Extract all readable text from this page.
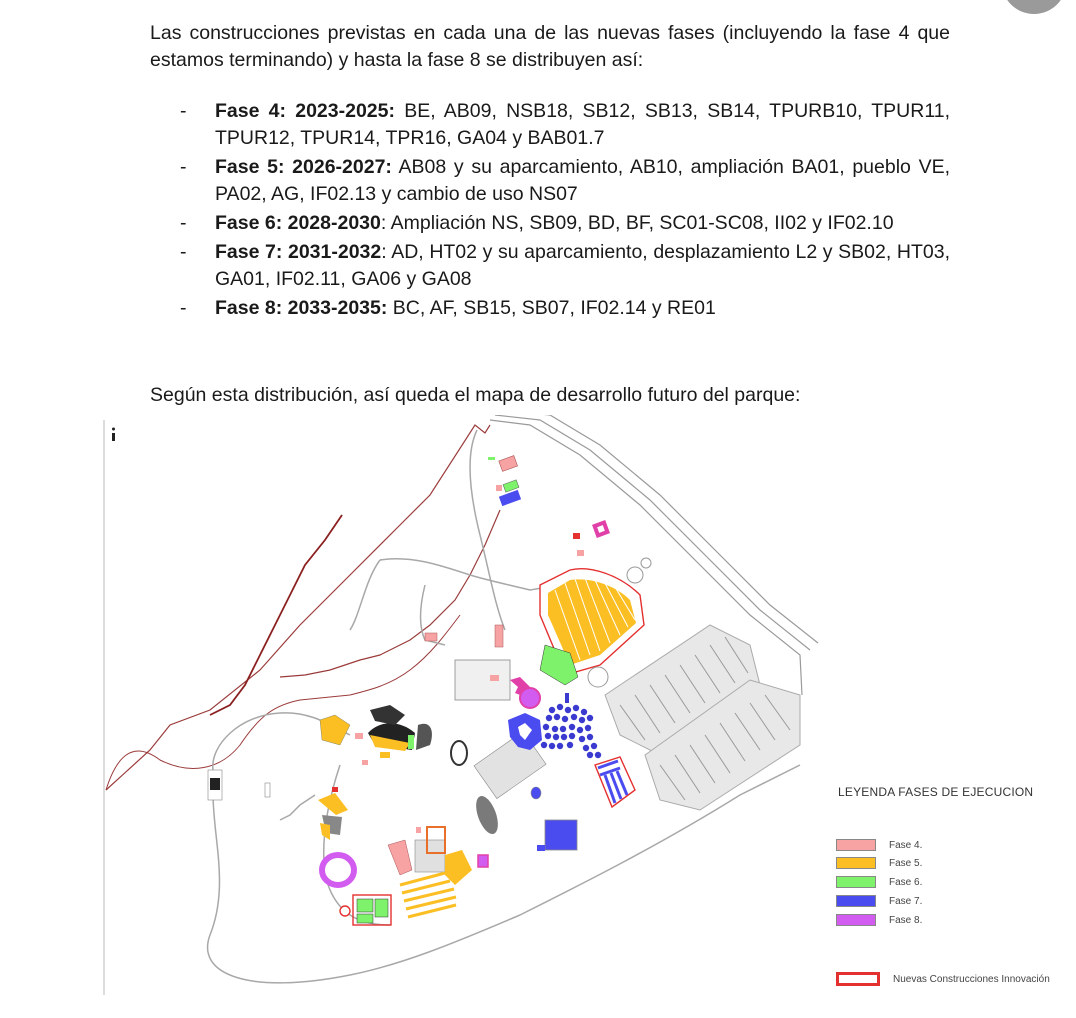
Las construcciones previstas en cada una de las nuevas fases (incluyendo la fase 4 que estamos terminando) y hasta la fase 8 se distribuyen así:

- Fase 4: 2023-2025: BE, AB09, NSB18, SB12, SB13, SB14, TPURB10, TPUR11, TPUR12, TPUR14, TPR16, GA04 y BAB01.7
- Fase 5: 2026-2027: AB08 y su aparcamiento, AB10, ampliación BA01, pueblo VE, PA02, AG, IF02.13 y cambio de uso NS07
- Fase 6: 2028-2030: Ampliación NS, SB09, BD, BF, SC01-SC08, II02 y IF02.10
- Fase 7: 2031-2032: AD, HT02 y su aparcamiento, desplazamiento L2 y SB02, HT03, GA01, IF02.11, GA06 y GA08
- Fase 8: 2033-2035: BC, AF, SB15, SB07, IF02.14 y RE01

Según esta distribución, así queda el mapa de desarrollo futuro del parque:

LEYENDA FASES DE EJECUCION
Fase 4.
Fase 5.
Fase 6.
Fase 7.
Fase 8.
Nuevas Construcciones Innovación
